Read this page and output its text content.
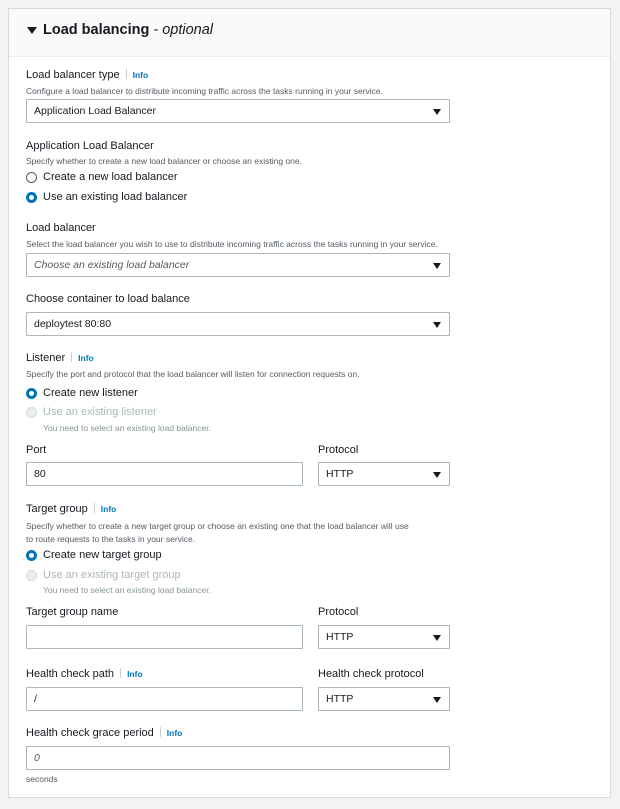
Load balancing - optional
Load balancer type Info
Configure a load balancer to distribute incoming traffic across the tasks running in your service.
Application Load Balancer
Application Load Balancer
Specify whether to create a new load balancer or choose an existing one.
Create a new load balancer
Use an existing load balancer
Load balancer
Select the load balancer you wish to use to distribute incoming traffic across the tasks running in your service.
Choose an existing load balancer
Choose container to load balance
deploytest 80:80
Listener Info
Specify the port and protocol that the load balancer will listen for connection requests on.
Create new listener
Use an existing listener
You need to select an existing load balancer.
Port
80
Protocol
HTTP
Target group Info
Specify whether to create a new target group or choose an existing one that the load balancer will use
to route requests to the tasks in your service.
Create new target group
Use an existing target group
You need to select an existing load balancer.
Target group name	Protocol
HTTP
Health check path Info
/
Health check protocol
HTTP
Health check grace period Info
0
seconds
